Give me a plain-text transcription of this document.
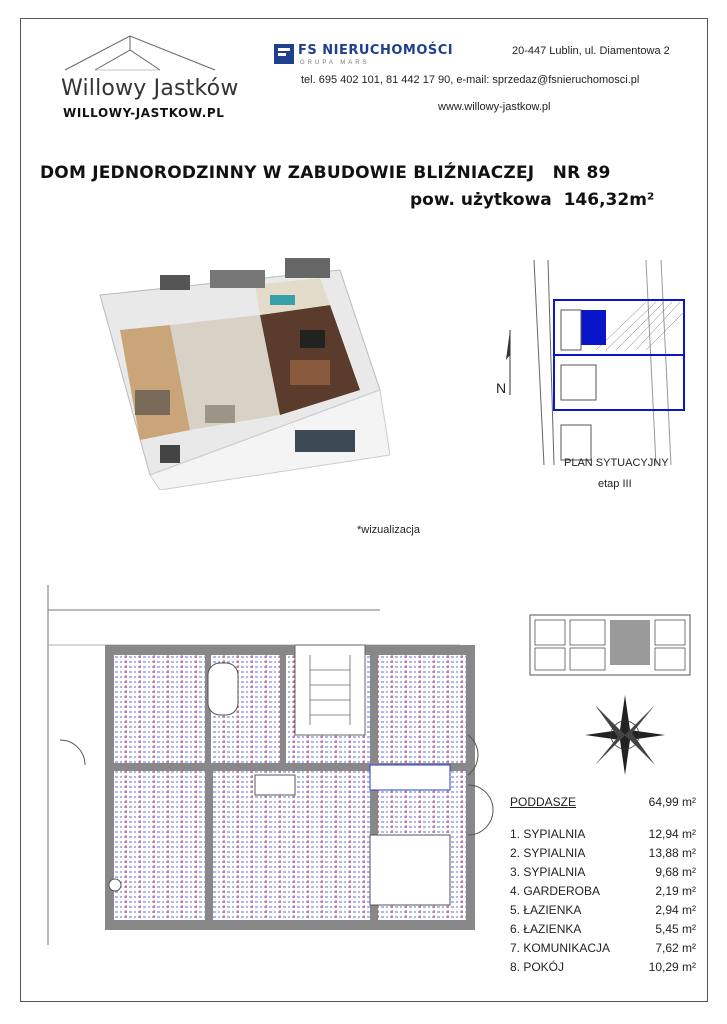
Willowy Jastków
WILLOWY-JASTKOW.PL
FS NIERUCHOMOŚCI
GRUPA MARS
20-447 Lublin, ul. Diamentowa 2
tel. 695 402 101, 81 442 17 90, e-mail: sprzedaz@fsnieruchomosci.pl
www.willowy-jastkow.pl
DOM JEDNORODZINNY W ZABUDOWIE BLIŹNIACZEJ   NR 89
pow. użytkowa  146,32m²
*wizualizacja
N
PLAN SYTUACYJNY
etap III
PODDASZE	64,99 m²
1. SYPIALNIA	12,94 m²
2. SYPIALNIA	13,88 m²
3. SYPIALNIA	9,68 m²
4. GARDEROBA	2,19 m²
5. ŁAZIENKA	2,94 m²
6. ŁAZIENKA	5,45 m²
7. KOMUNIKACJA	7,62 m²
8. POKÓJ	10,29 m²
